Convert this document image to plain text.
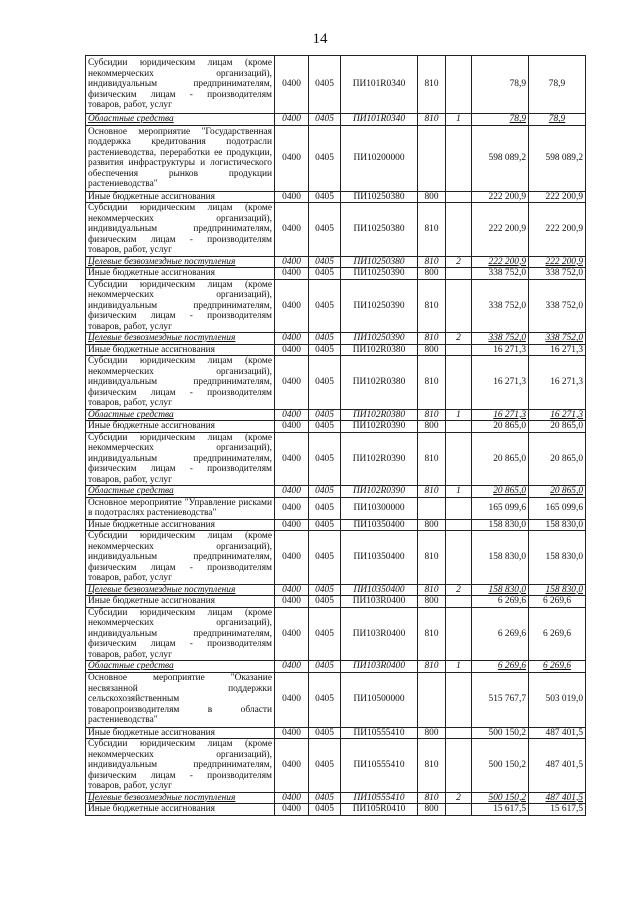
14
Субсидии юридическим лицам (кроме некоммерческих организаций), индивидуальным предпринимателям, физическим лицам - производителям товаров, работ, услуг	0400	0405	ПИ101R0340	810		78,9	78,9
Областные средства	0400	0405	ПИ101R0340	810	1	78,9	78,9
Основное мероприятие "Государственная поддержка кредитования подотрасли растениеводства, переработки ее продукции, развития инфраструктуры и логистического обеспечения рынков продукции растениеводства"	0400	0405	ПИ10200000			598 089,2	598 089,2
Иные бюджетные ассигнования	0400	0405	ПИ10250380	800		222 200,9	222 200,9
Субсидии юридическим лицам (кроме некоммерческих организаций), индивидуальным предпринимателям, физическим лицам - производителям товаров, работ, услуг	0400	0405	ПИ10250380	810		222 200,9	222 200,9
Целевые безвозмездные поступления	0400	0405	ПИ10250380	810	2	222 200,9	222 200,9
Иные бюджетные ассигнования	0400	0405	ПИ10250390	800		338 752,0	338 752,0
Субсидии юридическим лицам (кроме некоммерческих организаций), индивидуальным предпринимателям, физическим лицам - производителям товаров, работ, услуг	0400	0405	ПИ10250390	810		338 752,0	338 752,0
Целевые безвозмездные поступления	0400	0405	ПИ10250390	810	2	338 752,0	338 752,0
Иные бюджетные ассигнования	0400	0405	ПИ102R0380	800		16 271,3	16 271,3
Субсидии юридическим лицам (кроме некоммерческих организаций), индивидуальным предпринимателям, физическим лицам - производителям товаров, работ, услуг	0400	0405	ПИ102R0380	810		16 271,3	16 271,3
Областные средства	0400	0405	ПИ102R0380	810	1	16 271,3	16 271,3
Иные бюджетные ассигнования	0400	0405	ПИ102R0390	800		20 865,0	20 865,0
Субсидии юридическим лицам (кроме некоммерческих организаций), индивидуальным предпринимателям, физическим лицам - производителям товаров, работ, услуг	0400	0405	ПИ102R0390	810		20 865,0	20 865,0
Областные средства	0400	0405	ПИ102R0390	810	1	20 865,0	20 865,0
Основное мероприятие "Управление рисками в подотраслях растениеводства"	0400	0405	ПИ10300000			165 099,6	165 099,6
Иные бюджетные ассигнования	0400	0405	ПИ10350400	800		158 830,0	158 830,0
Субсидии юридическим лицам (кроме некоммерческих организаций), индивидуальным предпринимателям, физическим лицам - производителям товаров, работ, услуг	0400	0405	ПИ10350400	810		158 830,0	158 830,0
Целевые безвозмездные поступления	0400	0405	ПИ10350400	810	2	158 830,0	158 830,0
Иные бюджетные ассигнования	0400	0405	ПИ103R0400	800		6 269,6	6 269,6
Субсидии юридическим лицам (кроме некоммерческих организаций), индивидуальным предпринимателям, физическим лицам - производителям товаров, работ, услуг	0400	0405	ПИ103R0400	810		6 269,6	6 269,6
Областные средства	0400	0405	ПИ103R0400	810	1	6 269,6	6 269,6
Основное мероприятие "Оказание несвязанной поддержки сельскохозяйственным товаропроизводителям в области растениеводства"	0400	0405	ПИ10500000			515 767,7	503 019,0
Иные бюджетные ассигнования	0400	0405	ПИ10555410	800		500 150,2	487 401,5
Субсидии юридическим лицам (кроме некоммерческих организаций), индивидуальным предпринимателям, физическим лицам - производителям товаров, работ, услуг	0400	0405	ПИ10555410	810		500 150,2	487 401,5
Целевые безвозмездные поступления	0400	0405	ПИ10555410	810	2	500 150,2	487 401,5
Иные бюджетные ассигнования	0400	0405	ПИ105R0410	800		15 617,5	15 617,5
